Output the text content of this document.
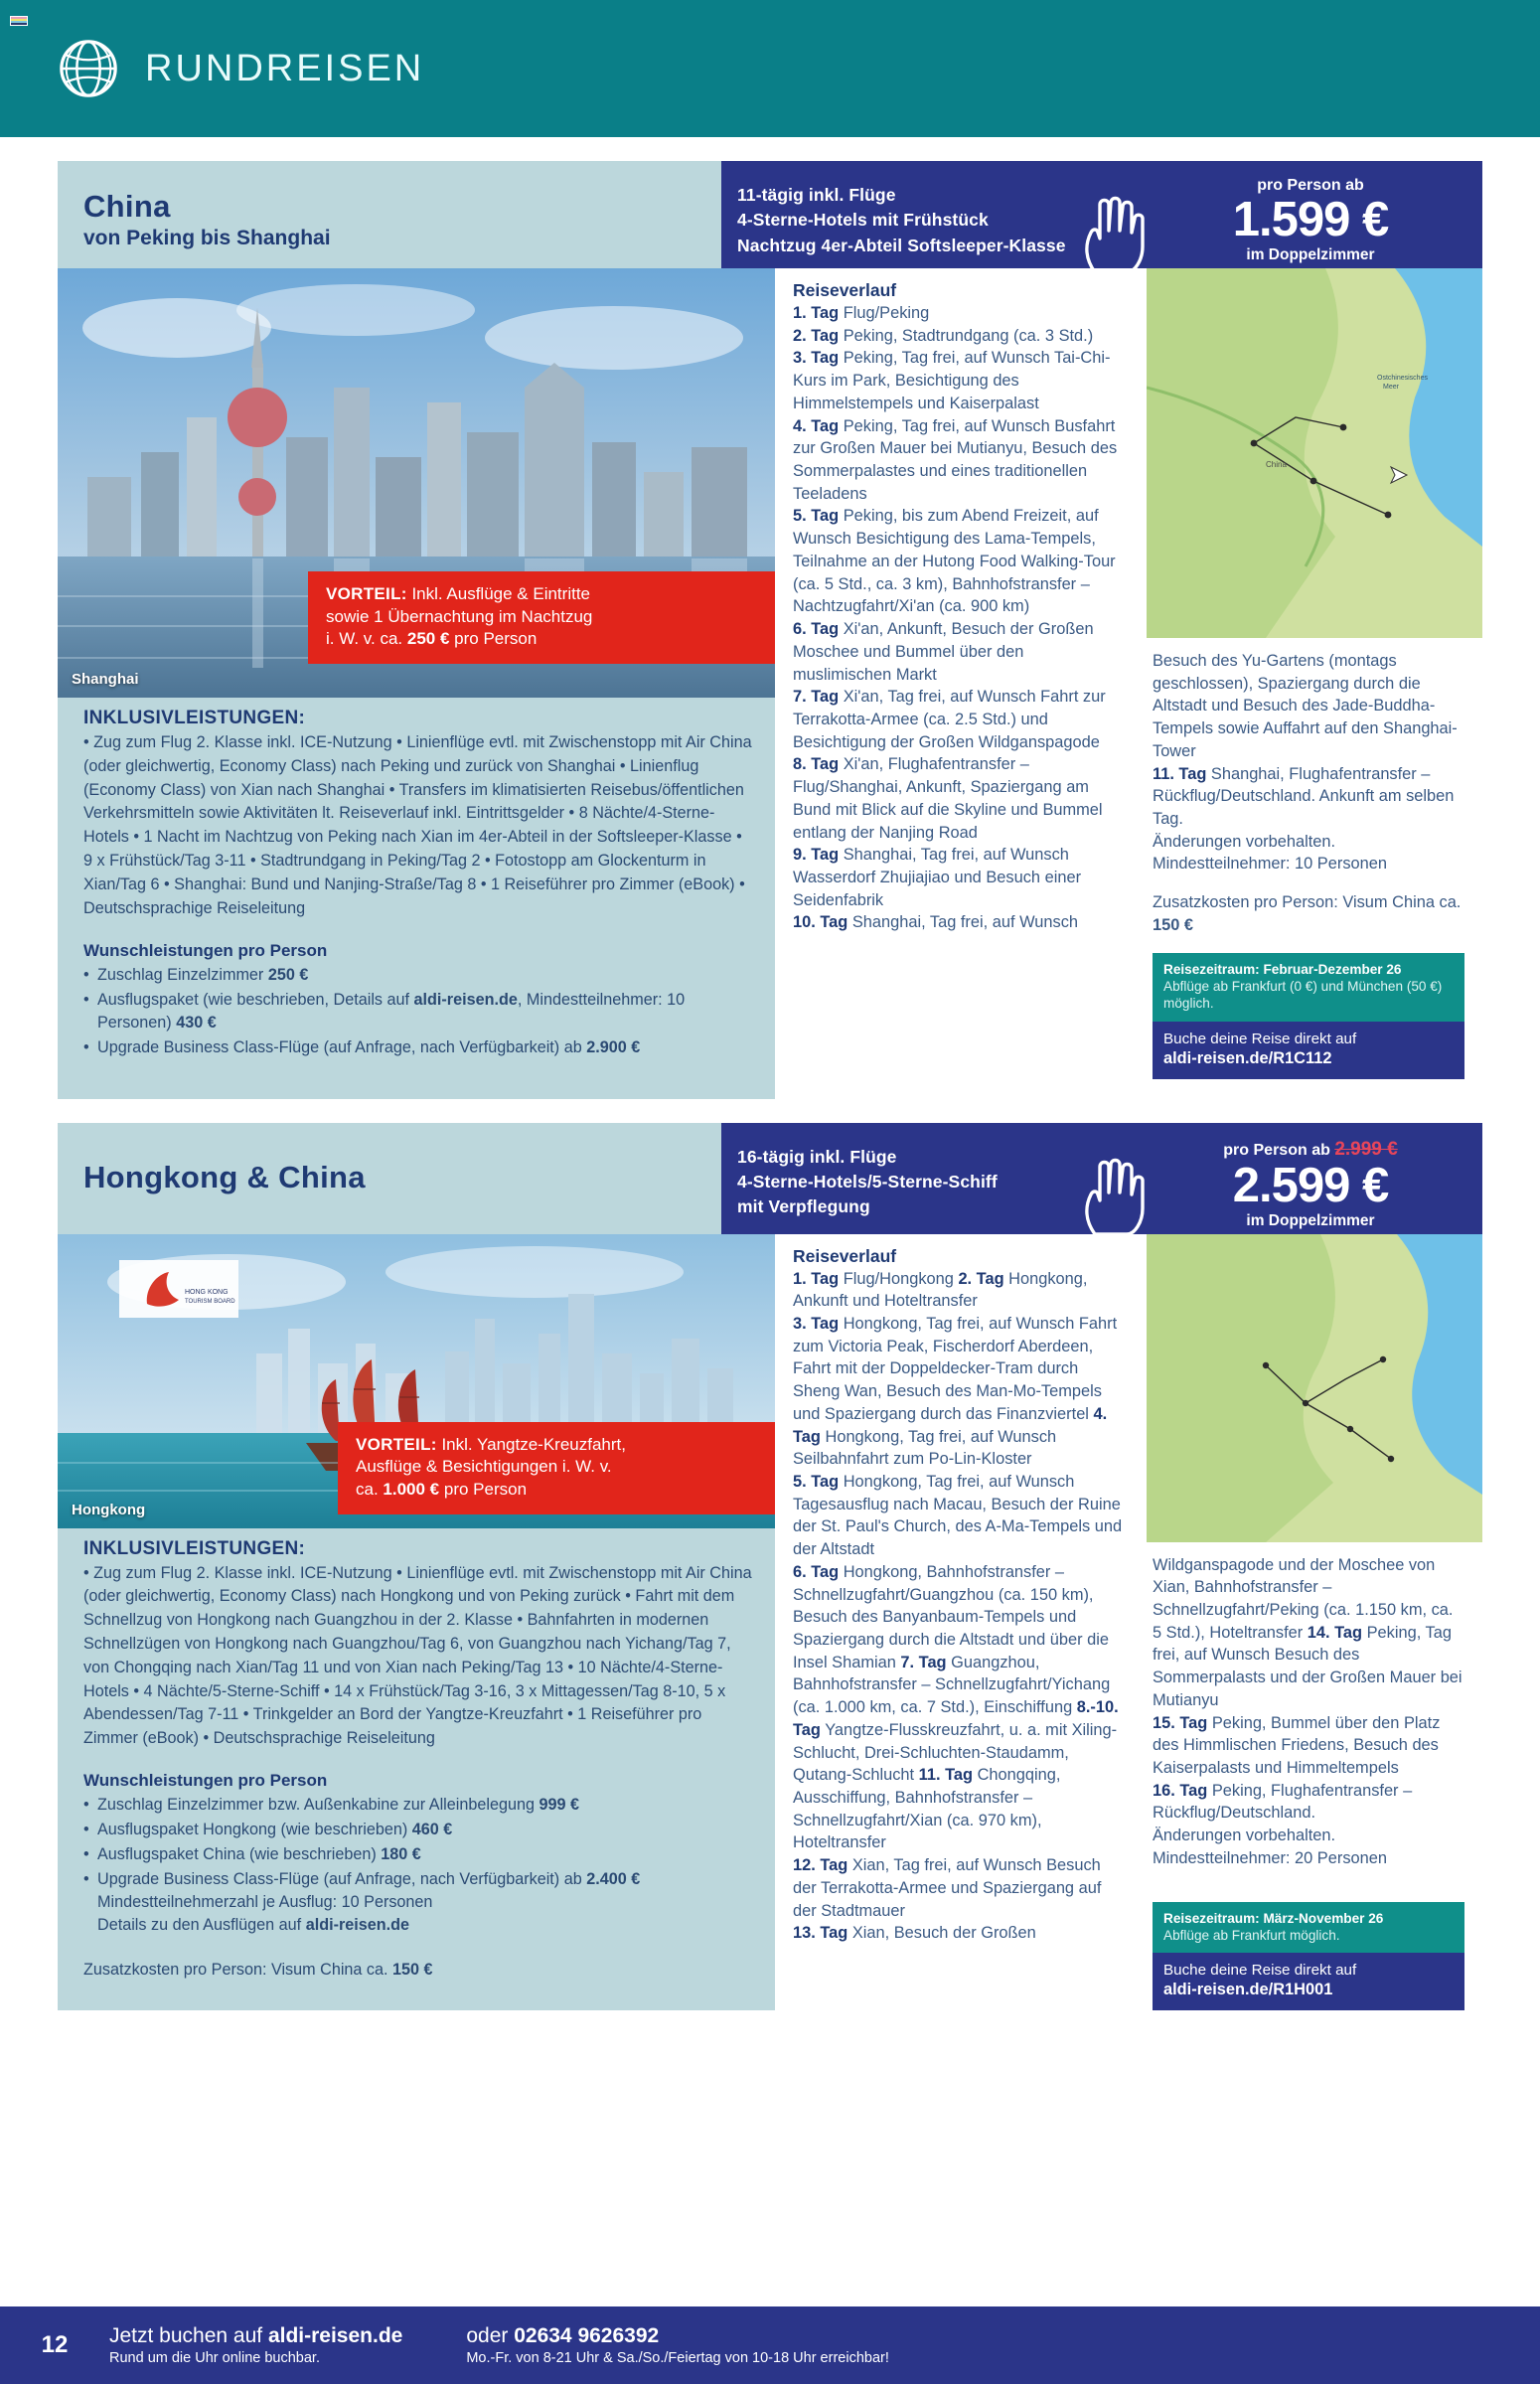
RUNDREISEN
China
von Peking bis Shanghai
11-tägig inkl. Flüge
4-Sterne-Hotels mit Frühstück
Nachtzug 4er-Abteil Softsleeper-Klasse
pro Person ab
1.599 €
im Doppelzimmer
Shanghai
VORTEIL: Inkl. Ausflüge & Eintritte
sowie 1 Übernachtung im Nachtzug
i. W. v. ca. 250 € pro Person
INKLUSIVLEISTUNGEN:

• Zug zum Flug 2. Klasse inkl. ICE-Nutzung • Linienflüge evtl. mit Zwischenstopp mit Air China (oder gleichwertig, Economy Class) nach Peking und zurück von Shanghai • Linienflug (Economy Class) von Xian nach Shanghai • Transfers im klimatisierten Reisebus/öffentlichen Verkehrsmitteln sowie Aktivitäten lt. Reiseverlauf inkl. Eintrittsgelder • 8 Nächte/4-Sterne-Hotels • 1 Nacht im Nachtzug von Peking nach Xian im 4er-Abteil in der Softsleeper-Klasse • 9 x Frühstück/Tag 3-11 • Stadtrundgang in Peking/Tag 2 • Fotostopp am Glockenturm in Xian/Tag 6 • Shanghai: Bund und Nanjing-Straße/Tag 8 • 1 Reiseführer pro Zimmer (eBook) • Deutschsprachige Reiseleitung

Wunschleistungen pro Person
• Zuschlag Einzelzimmer 250 €
• Ausflugspaket (wie beschrieben, Details auf aldi-reisen.de, Mindestteilnehmer: 10 Personen) 430 €
• Upgrade Business Class-Flüge (auf Anfrage, nach Verfügbarkeit) ab 2.900 €
Reiseverlauf
1. Tag Flug/Peking
2. Tag Peking, Stadtrundgang (ca. 3 Std.)
3. Tag Peking, Tag frei, auf Wunsch Tai-Chi-Kurs im Park, Besichtigung des Himmelstempels und Kaiserpalast
4. Tag Peking, Tag frei, auf Wunsch Busfahrt zur Großen Mauer bei Mutianyu, Besuch des Sommerpalastes und eines traditionellen Teeladens
5. Tag Peking, bis zum Abend Freizeit, auf Wunsch Besichtigung des Lama-Tempels, Teilnahme an der Hutong Food Walking-Tour (ca. 5 Std., ca. 3 km), Bahnhofstransfer – Nachtzugfahrt/Xi'an (ca. 900 km)
6. Tag Xi'an, Ankunft, Besuch der Großen Moschee und Bummel über den muslimischen Markt
7. Tag Xi'an, Tag frei, auf Wunsch Fahrt zur Terrakotta-Armee (ca. 2.5 Std.) und Besichtigung der Großen Wildganspagode
8. Tag Xi'an, Flughafentransfer – Flug/Shanghai, Ankunft, Spaziergang am Bund mit Blick auf die Skyline und Bummel entlang der Nanjing Road
9. Tag Shanghai, Tag frei, auf Wunsch Wasserdorf Zhujiajiao und Besuch einer Seidenfabrik
10. Tag Shanghai, Tag frei, auf Wunsch
Ostchinesisches
Meer
China
Besuch des Yu-Gartens (montags geschlossen), Spaziergang durch die Altstadt und Besuch des Jade-Buddha-Tempels sowie Auffahrt auf den Shanghai-Tower
11. Tag Shanghai, Flughafentransfer – Rückflug/Deutschland. Ankunft am selben Tag.
Änderungen vorbehalten.
Mindestteilnehmer: 10 Personen
Zusatzkosten pro Person: Visum China ca. 150 €
Reisezeitraum: Februar-Dezember 26
Abflüge ab Frankfurt (0 €) und München (50 €) möglich.
Buche deine Reise direkt auf
aldi-reisen.de/R1C112
Hongkong & China
16-tägig inkl. Flüge
4-Sterne-Hotels/5-Sterne-Schiff
mit Verpflegung
pro Person ab 2.999 €
2.599 €
im Doppelzimmer
HONG KONG
TOURISM BOARD
Hongkong
VORTEIL: Inkl. Yangtze-Kreuzfahrt,
Ausflüge & Besichtigungen i. W. v.
ca. 1.000 € pro Person
INKLUSIVLEISTUNGEN:

• Zug zum Flug 2. Klasse inkl. ICE-Nutzung • Linienflüge evtl. mit Zwischenstopp mit Air China (oder gleichwertig, Economy Class) nach Hongkong und von Peking zurück • Fahrt mit dem Schnellzug von Hongkong nach Guangzhou in der 2. Klasse • Bahnfahrten in modernen Schnellzügen von Hongkong nach Guangzhou/Tag 6, von Guangzhou nach Yichang/Tag 7, von Chongqing nach Xian/Tag 11 und von Xian nach Peking/Tag 13 • 10 Nächte/4-Sterne-Hotels • 4 Nächte/5-Sterne-Schiff • 14 x Frühstück/Tag 3-16, 3 x Mittagessen/Tag 8-10, 5 x Abendessen/Tag 7-11 • Trinkgelder an Bord der Yangtze-Kreuzfahrt • 1 Reiseführer pro Zimmer (eBook) • Deutschsprachige Reiseleitung

Wunschleistungen pro Person
• Zuschlag Einzelzimmer bzw. Außenkabine zur Alleinbelegung 999 €
• Ausflugspaket Hongkong (wie beschrieben) 460 €
• Ausflugspaket China (wie beschrieben) 180 €
• Upgrade Business Class-Flüge (auf Anfrage, nach Verfügbarkeit) ab 2.400 €
Mindestteilnehmerzahl je Ausflug: 10 Personen
Details zu den Ausflügen auf aldi-reisen.de
Zusatzkosten pro Person: Visum China ca. 150 €
Reiseverlauf
1. Tag Flug/Hongkong 2. Tag Hongkong, Ankunft und Hoteltransfer
3. Tag Hongkong, Tag frei, auf Wunsch Fahrt zum Victoria Peak, Fischerdorf Aberdeen, Fahrt mit der Doppeldecker-Tram durch Sheng Wan, Besuch des Man-Mo-Tempels und Spaziergang durch das Finanzviertel 4. Tag Hongkong, Tag frei, auf Wunsch Seilbahnfahrt zum Po-Lin-Kloster
5. Tag Hongkong, Tag frei, auf Wunsch Tagesausflug nach Macau, Besuch der Ruine der St. Paul's Church, des A-Ma-Tempels und der Altstadt
6. Tag Hongkong, Bahnhofstransfer – Schnellzugfahrt/Guangzhou (ca. 150 km), Besuch des Banyanbaum-Tempels und Spaziergang durch die Altstadt und über die Insel Shamian 7. Tag Guangzhou, Bahnhofstransfer – Schnellzugfahrt/Yichang (ca. 1.000 km, ca. 7 Std.), Einschiffung 8.-10. Tag Yangtze-Flusskreuzfahrt, u. a. mit Xiling-Schlucht, Drei-Schluchten-Staudamm, Qutang-Schlucht 11. Tag Chongqing, Ausschiffung, Bahnhofstransfer – Schnellzugfahrt/Xian (ca. 970 km), Hoteltransfer
12. Tag Xian, Tag frei, auf Wunsch Besuch der Terrakotta-Armee und Spaziergang auf der Stadtmauer
13. Tag Xian, Besuch der Großen
Wildganspagode und der Moschee von Xian, Bahnhofstransfer – Schnellzugfahrt/Peking (ca. 1.150 km, ca. 5 Std.), Hoteltransfer 14. Tag Peking, Tag frei, auf Wunsch Besuch des Sommerpalasts und der Großen Mauer bei Mutianyu
15. Tag Peking, Bummel über den Platz des Himmlischen Friedens, Besuch des Kaiserpalasts und Himmeltempels
16. Tag Peking, Flughafentransfer – Rückflug/Deutschland.
Änderungen vorbehalten.
Mindestteilnehmer: 20 Personen
Reisezeitraum: März-November 26
Abflüge ab Frankfurt möglich.
Buche deine Reise direkt auf
aldi-reisen.de/R1H001
12	Jetzt buchen auf aldi-reisen.de
Rund um die Uhr online buchbar.
oder 02634 9626392
Mo.-Fr. von 8-21 Uhr & Sa./So./Feiertag von 10-18 Uhr erreichbar!
